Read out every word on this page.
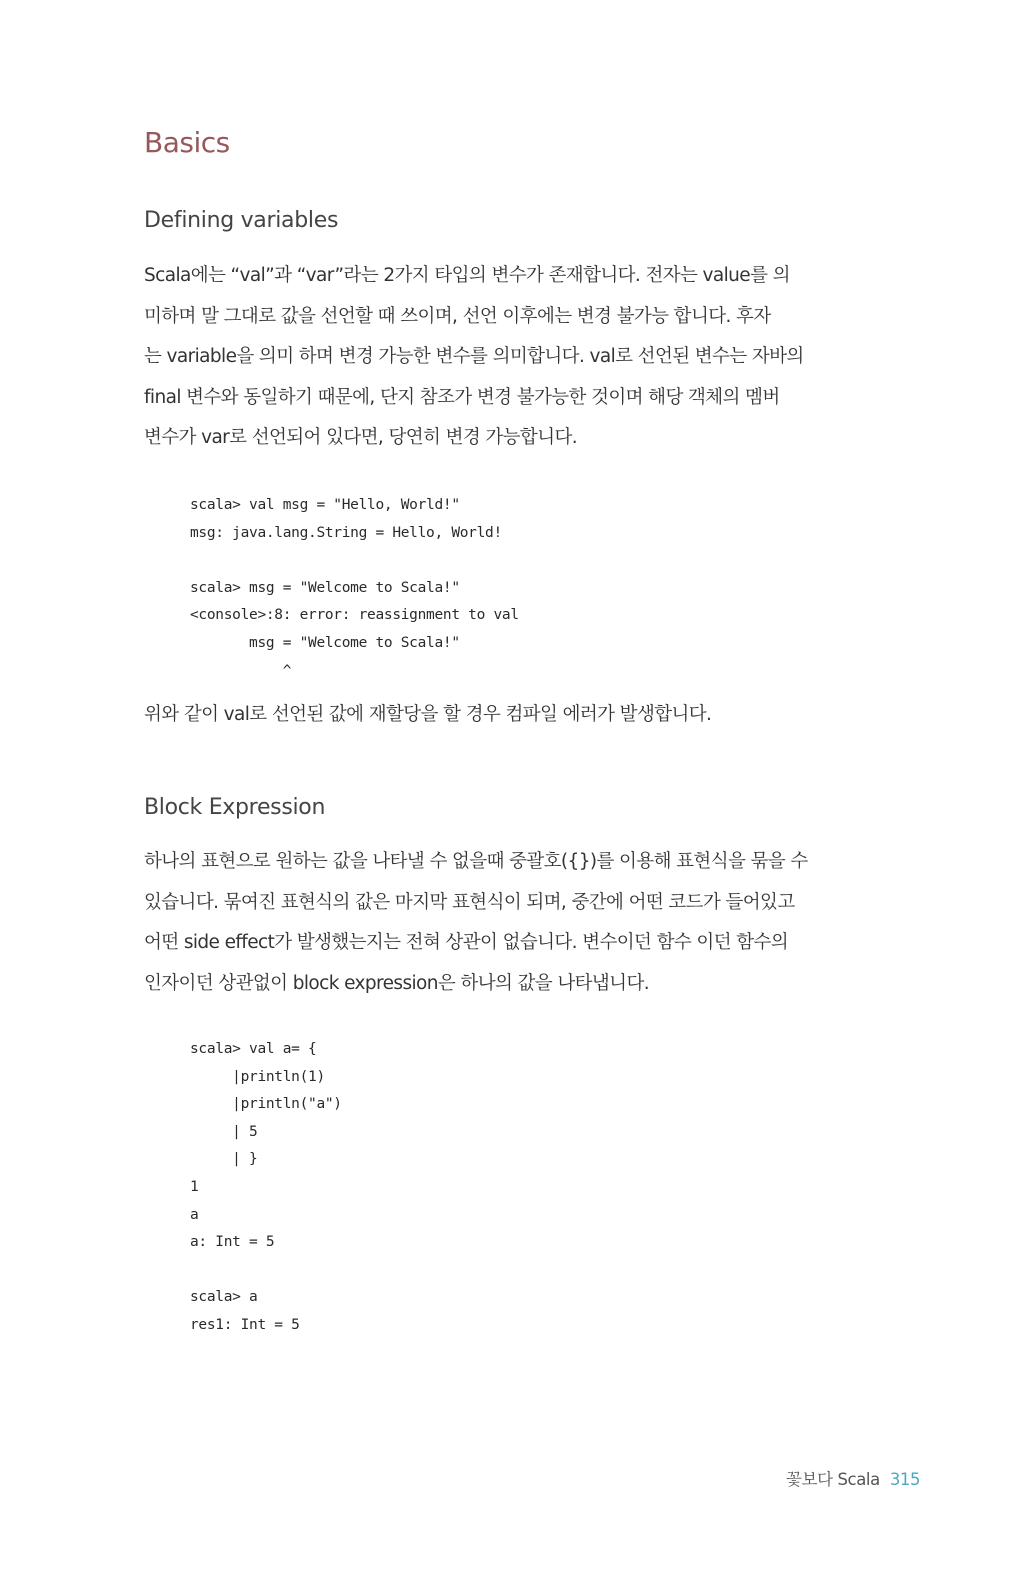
Basics
Defining variables
Scala에는 “val”과 “var”라는 2가지 타입의 변수가 존재합니다. 전자는 value를 의
미하며 말 그대로 값을 선언할 때 쓰이며, 선언 이후에는 변경 불가능 합니다. 후자
는 variable을 의미 하며 변경 가능한 변수를 의미합니다. val로 선언된 변수는 자바의
final 변수와 동일하기 때문에, 단지 참조가 변경 불가능한 것이며 해당 객체의 멤버
변수가 var로 선언되어 있다면, 당연히 변경 가능합니다.
scala> val msg = "Hello, World!"
msg: java.lang.String = Hello, World!
scala> msg = "Welcome to Scala!"
<console>:8: error: reassignment to val
msg = "Welcome to Scala!"
^
위와 같이 val로 선언된 값에 재할당을 할 경우 컴파일 에러가 발생합니다.
Block Expression
하나의 표현으로 원하는 값을 나타낼 수 없을때 중괄호({})를 이용해 표현식을 묶을 수
있습니다. 묶여진 표현식의 값은 마지막 표현식이 되며, 중간에 어떤 코드가 들어있고
어떤 side effect가 발생했는지는 전혀 상관이 없습니다. 변수이던 함수 이던 함수의
인자이던 상관없이 block expression은 하나의 값을 나타냅니다.
scala> val a= {
|println(1)
|println("a")
| 5
| }
1
a
a: Int = 5
scala> a
res1: Int = 5
꽃보다 Scala 315
